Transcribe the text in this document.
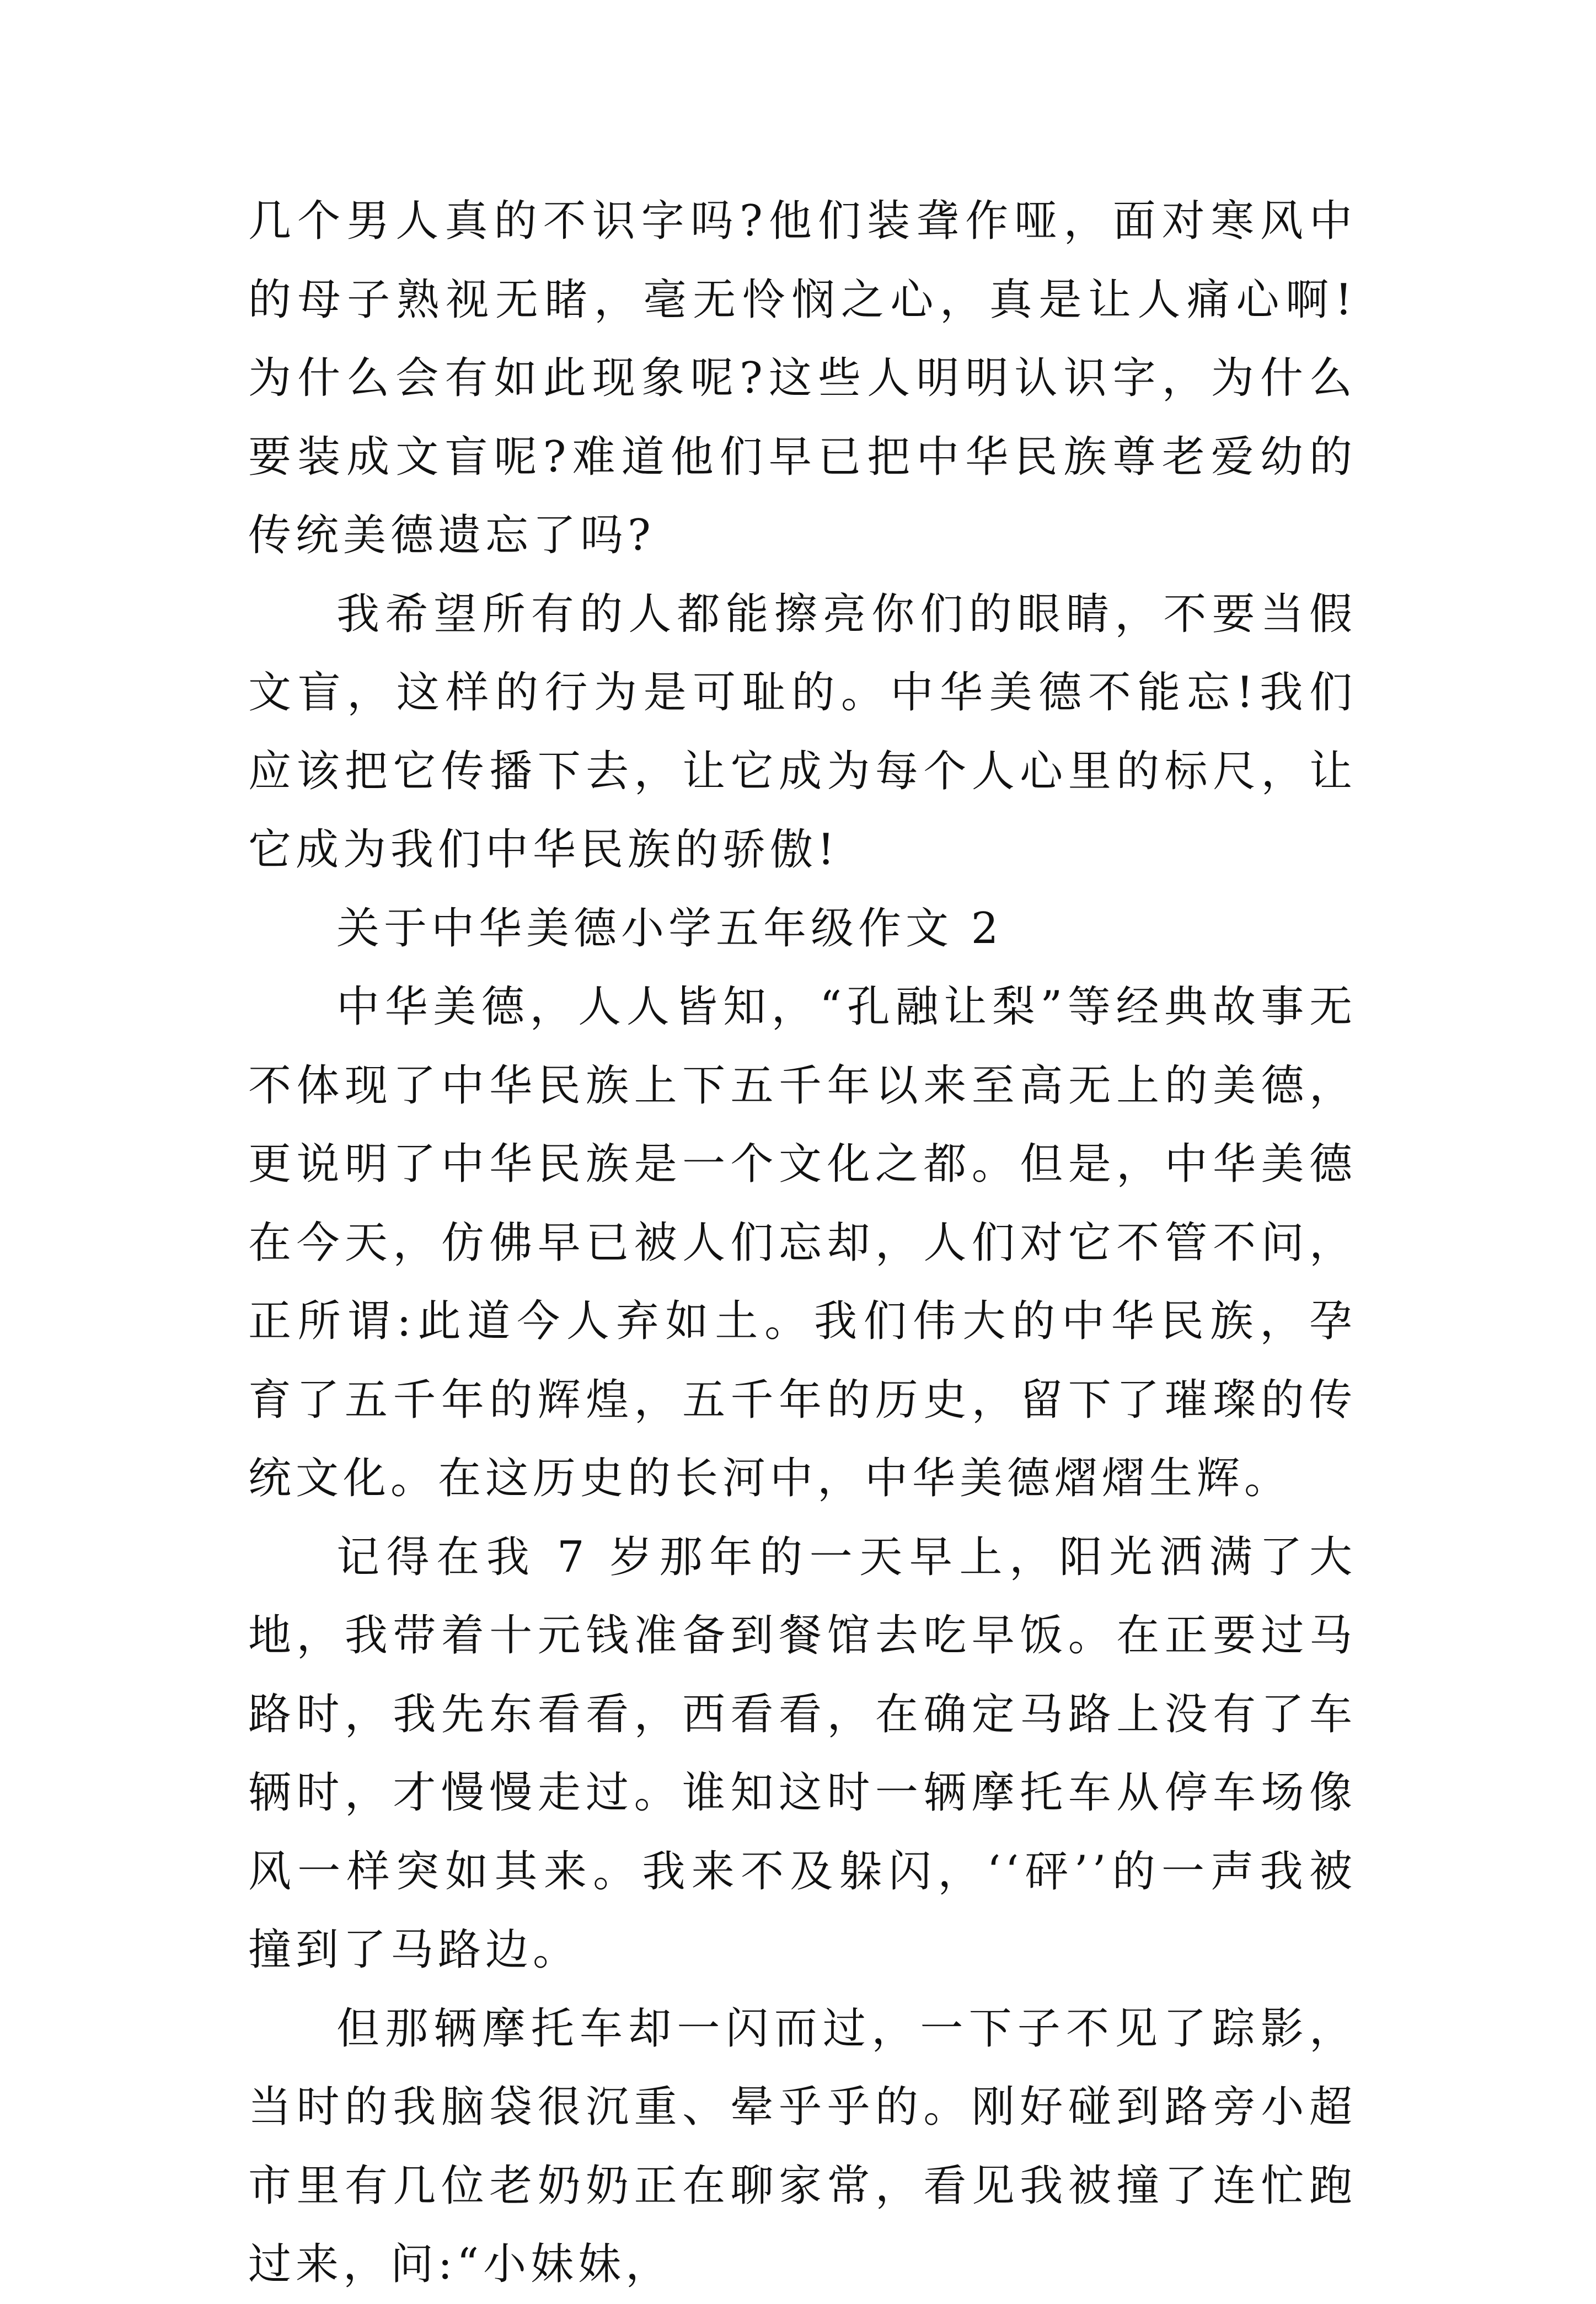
几个男人真的不识字吗?他们装聋作哑，面对寒风中的母子熟视无睹，毫无怜悯之心，真是让人痛心啊!为什么会有如此现象呢?这些人明明认识字，为什么要装成文盲呢?难道他们早已把中华民族尊老爱幼的传统美德遗忘了吗?

我希望所有的人都能擦亮你们的眼睛，不要当假文盲，这样的行为是可耻的。中华美德不能忘!我们应该把它传播下去，让它成为每个人心里的标尺，让它成为我们中华民族的骄傲!

关于中华美德小学五年级作文 2

中华美德，人人皆知，“孔融让梨”等经典故事无不体现了中华民族上下五千年以来至高无上的美德，更说明了中华民族是一个文化之都。但是，中华美德在今天，仿佛早已被人们忘却，人们对它不管不问，正所谓:此道今人弃如土。我们伟大的中华民族，孕育了五千年的辉煌，五千年的历史，留下了璀璨的传统文化。在这历史的长河中，中华美德熠熠生辉。

记得在我 7 岁那年的一天早上，阳光洒满了大地，我带着十元钱准备到餐馆去吃早饭。在正要过马路时，我先东看看，西看看，在确定马路上没有了车辆时，才慢慢走过。谁知这时一辆摩托车从停车场像风一样突如其来。我来不及躲闪，‘‘砰’’的一声我被撞到了马路边。

但那辆摩托车却一闪而过，一下子不见了踪影，当时的我脑袋很沉重、晕乎乎的。刚好碰到路旁小超市里有几位老奶奶正在聊家常，看见我被撞了连忙跑过来，问:“小妹妹，
